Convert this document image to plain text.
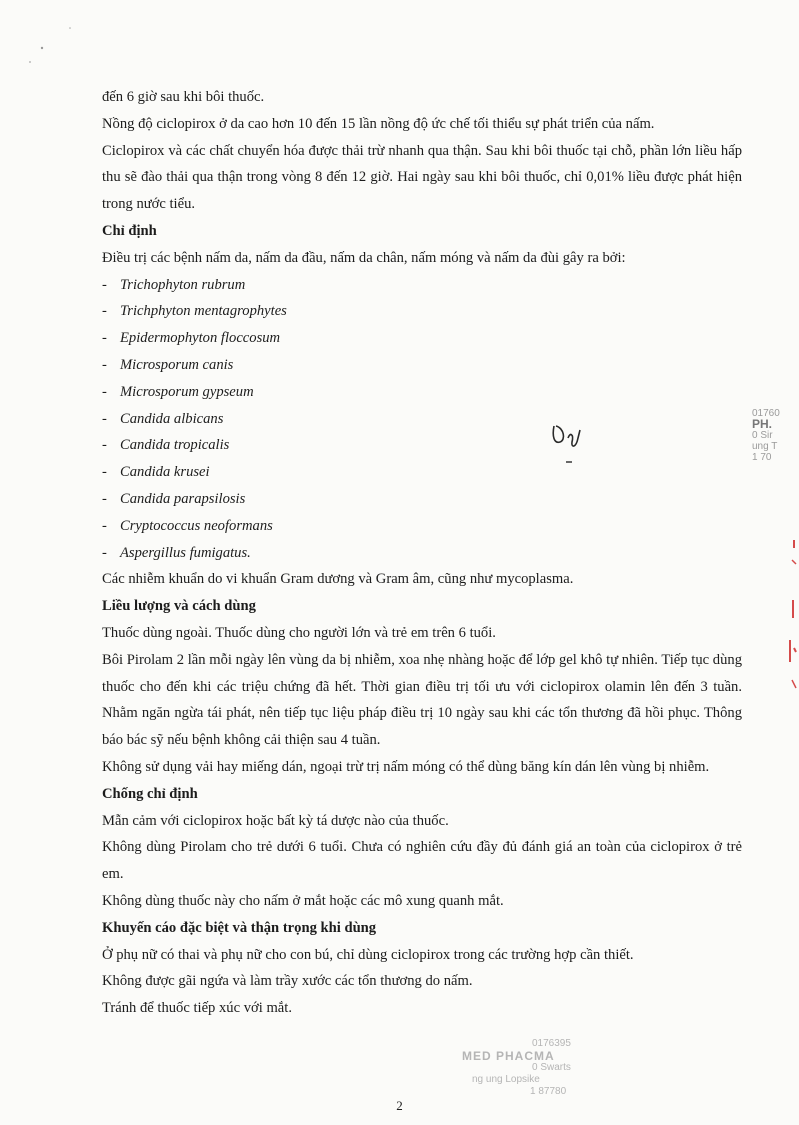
đến 6 giờ sau khi bôi thuốc.

Nồng độ ciclopirox ở da cao hơn 10 đến 15 lần nồng độ ức chế tối thiểu sự phát triển của nấm.

Ciclopirox và các chất chuyển hóa được thải trừ nhanh qua thận. Sau khi bôi thuốc tại chỗ, phần lớn liều hấp thu sẽ đào thải qua thận trong vòng 8 đến 12 giờ. Hai ngày sau khi bôi thuốc, chỉ 0,01% liều được phát hiện trong nước tiểu.

Chỉ định

Điều trị các bệnh nấm da, nấm da đầu, nấm da chân, nấm móng và nấm da đùi gây ra bởi:

- Trichophyton rubrum
- Trichphyton mentagrophytes
- Epidermophyton floccosum
- Microsporum canis
- Microsporum gypseum
- Candida albicans
- Candida tropicalis
- Candida krusei
- Candida parapsilosis
- Cryptococcus neoformans
- Aspergillus fumigatus.

Các nhiễm khuẩn do vi khuẩn Gram dương và Gram âm, cũng như mycoplasma.

Liều lượng và cách dùng

Thuốc dùng ngoài. Thuốc dùng cho người lớn và trẻ em trên 6 tuổi.

Bôi Pirolam 2 lần mỗi ngày lên vùng da bị nhiễm, xoa nhẹ nhàng hoặc để lớp gel khô tự nhiên. Tiếp tục dùng thuốc cho đến khi các triệu chứng đã hết. Thời gian điều trị tối ưu với ciclopirox olamin lên đến 3 tuần. Nhằm ngăn ngừa tái phát, nên tiếp tục liệu pháp điều trị 10 ngày sau khi các tổn thương đã hồi phục. Thông báo bác sỹ nếu bệnh không cải thiện sau 4 tuần.

Không sử dụng vải hay miếng dán, ngoại trừ trị nấm móng có thể dùng băng kín dán lên vùng bị nhiễm.

Chống chỉ định

Mẫn cảm với ciclopirox hoặc bất kỳ tá dược nào của thuốc.

Không dùng Pirolam cho trẻ dưới 6 tuổi. Chưa có nghiên cứu đầy đủ đánh giá an toàn của ciclopirox ở trẻ em.

Không dùng thuốc này cho nấm ở mắt hoặc các mô xung quanh mắt.

Khuyến cáo đặc biệt và thận trọng khi dùng

Ở phụ nữ có thai và phụ nữ cho con bú, chỉ dùng ciclopirox trong các trường hợp cần thiết.

Không được gãi ngứa và làm trầy xước các tổn thương do nấm.

Tránh để thuốc tiếp xúc với mắt.

01760
PH.
0 Sir
ung T
1 70
0176395
MED PHACMA
0 Swarts
ng ung Lopsike
1 87780
2
